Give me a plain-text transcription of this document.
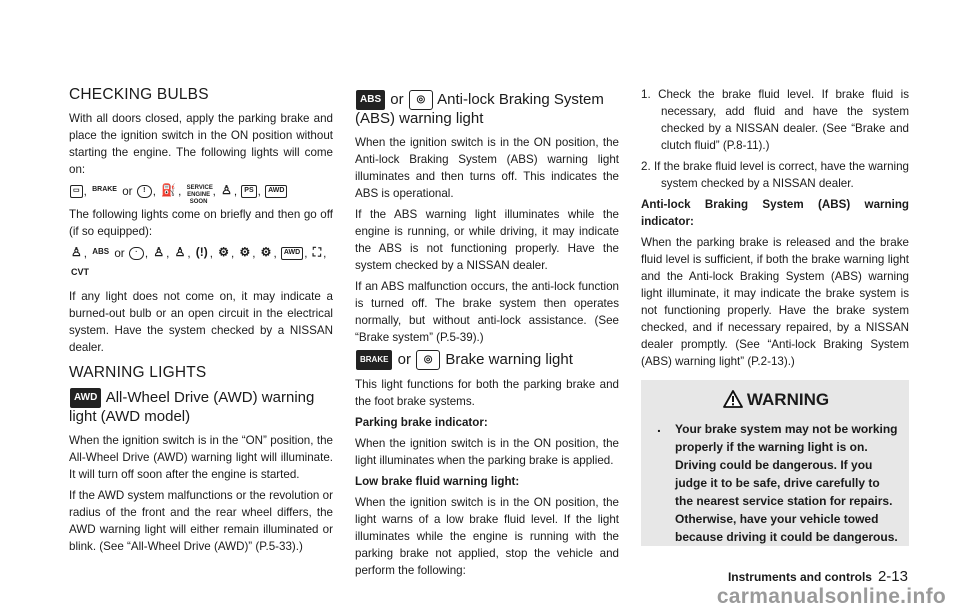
CHECKING BULBS

With all doors closed, apply the parking brake and place the ignition switch in the ON position without starting the engine. The following lights will come on:

▭ , BRAKE or ! , ⛽ , SERVICE ENGINE SOON, ♙ , PS , AWD

The following lights come on briefly and then go off (if so equipped):

♙ , ABS or · , ♙ , ♙ , (!) , ⚙ , ⚙ , ⚙ , AWD , ⛶ , CVT

If any light does not come on, it may indicate a burned-out bulb or an open circuit in the electrical system. Have the system checked by a NISSAN dealer.

WARNING LIGHTS
AWD All-Wheel Drive (AWD) warning light (AWD model)

When the ignition switch is in the “ON” position, the All-Wheel Drive (AWD) warning light will illuminate. It will turn off soon after the engine is started.

If the AWD system malfunctions or the revolution or radius of the front and the rear wheel differs, the AWD warning light will either remain illuminated or blink. (See “All-Wheel Drive (AWD)” (P.5-33).)

ABS or ◎ Anti-lock Braking System (ABS) warning light

When the ignition switch is in the ON position, the Anti-lock Braking System (ABS) warning light illuminates and then turns off. This indicates the ABS is operational.

If the ABS warning light illuminates while the engine is running, or while driving, it may indicate the ABS is not functioning properly. Have the system checked by a NISSAN dealer.

If an ABS malfunction occurs, the anti-lock function is turned off. The brake system then operates normally, but without anti-lock assistance. (See “Brake system” (P.5-39).)

BRAKE or ◎ Brake warning light

This light functions for both the parking brake and the foot brake systems.

Parking brake indicator:

When the ignition switch is in the ON position, the light illuminates when the parking brake is applied.

Low brake fluid warning light:

When the ignition switch is in the ON position, the light warns of a low brake fluid level. If the light illuminates while the engine is running with the parking brake not applied, stop the vehicle and perform the following:

1. Check the brake fluid level. If brake fluid is necessary, add fluid and have the system checked by a NISSAN dealer. (See “Brake and clutch fluid” (P.8-11).)
2. If the brake fluid level is correct, have the warning system checked by a NISSAN dealer.

Anti-lock Braking System (ABS) warning indicator:

When the parking brake is released and the brake fluid level is sufficient, if both the brake warning light and the Anti-lock Braking System (ABS) warning light illuminate, it may indicate the brake system is not functioning properly. Have the brake system checked, and if necessary repaired, by a NISSAN dealer promptly. (See “Anti-lock Braking System (ABS) warning light” (P.2-13).)

WARNING
. Your brake system may not be working properly if the warning light is on. Driving could be dangerous. If you judge it to be safe, drive carefully to the nearest service station for repairs. Otherwise, have your vehicle towed because driving it could be dangerous.
Instruments and controls 2-13
carmanualsonline.info
